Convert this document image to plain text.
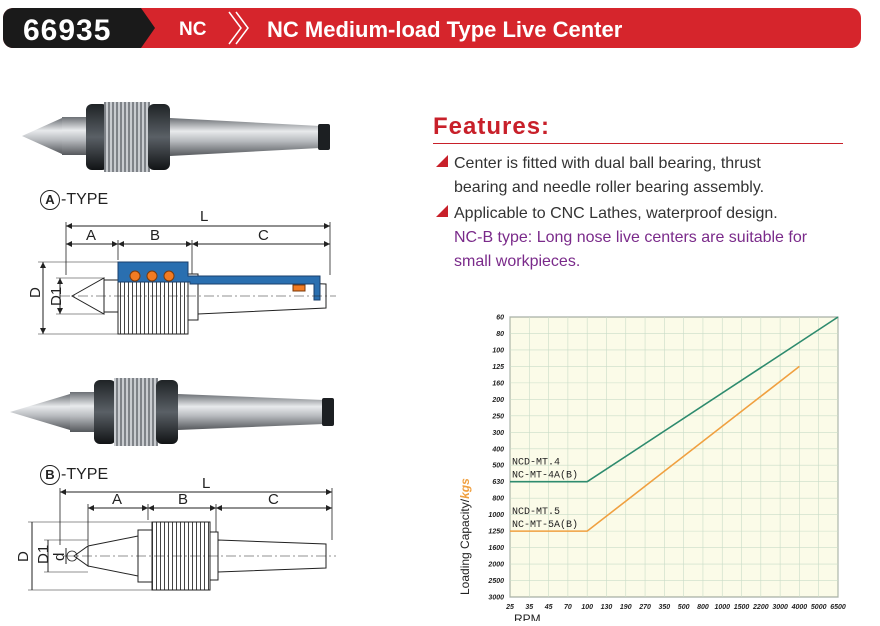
66935	NC	NC Medium-load Type Live Center
L
A	B	C
D D1
L
A	B	C
D D1 d
A -TYPE
B -TYPE
Features:
Center is fitted with dual ball bearing, thrust
bearing and needle roller bearing assembly.
Applicable to CNC Lathes, waterproof design.
NC-B type: Long nose live centers are suitable for
small workpieces.
60
80
100
125
160
200
250
300
400
500
630
800
1000
1250
1600
2000
2500
3000
25 35 45 70 100 130 190 270 350 500 800 1000 1500 2200 3000 4000 5000 6500
NCD-MT.4
NC-MT-4A(B)
NCD-MT.5
NC-MT-5A(B)
Loading Capacity/kgs
RPM
